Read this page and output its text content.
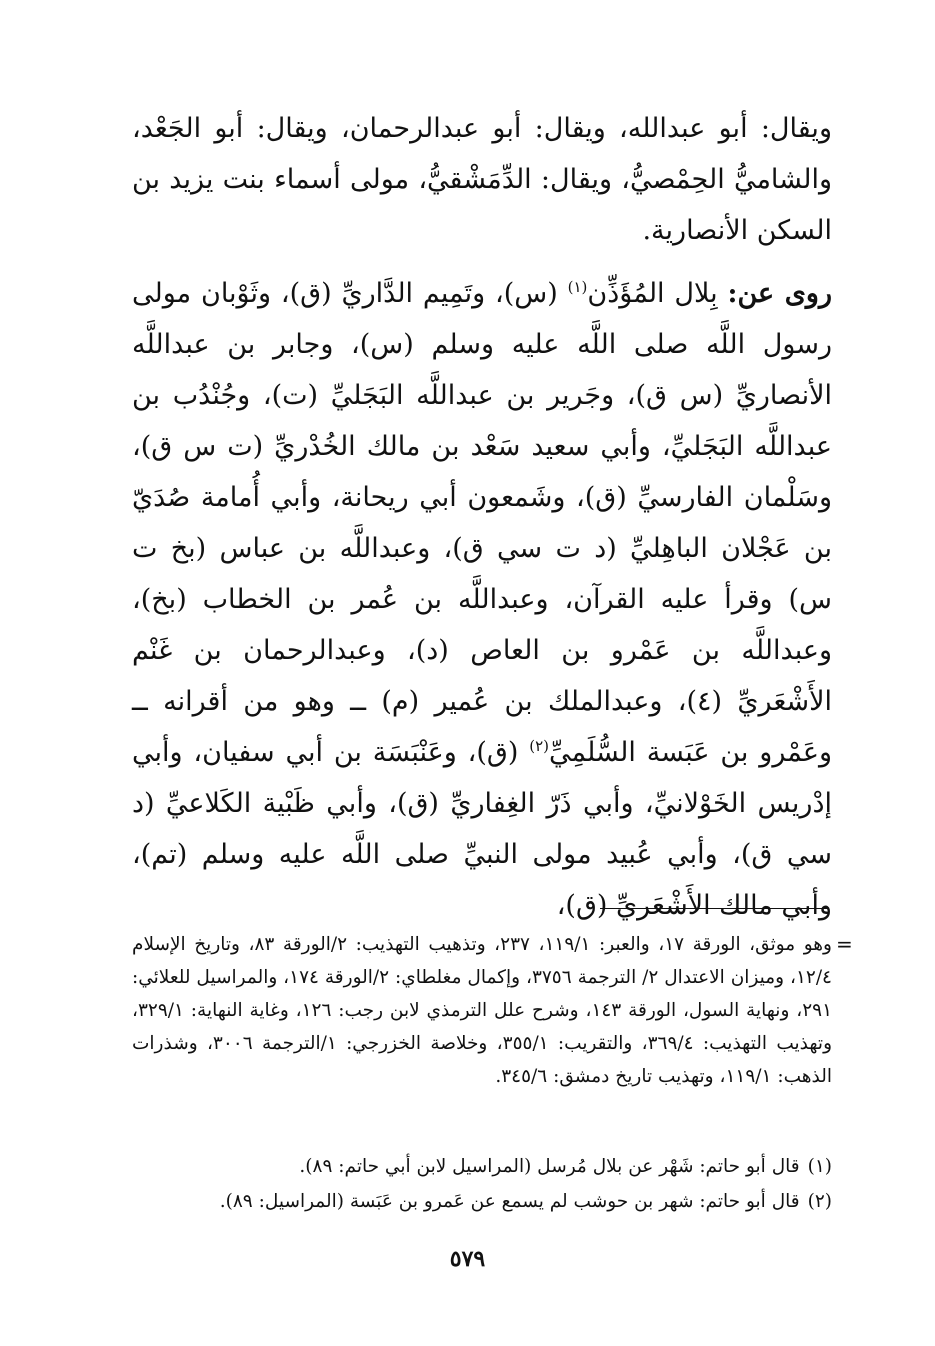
ويقال: أبو عبدالله، ويقال: أبو عبدالرحمان، ويقال: أبو الجَعْد، والشاميُّ الحِمْصيُّ، ويقال: الدِّمَشْقيُّ، مولى أسماء بنت يزيد بن السكن الأنصارية.

روى عن: بِلال المُؤَذِّن$^{(١)}$ (س)، وتَمِيم الدَّاريِّ (ق)، وثَوْبان مولى رسول اللَّه صلى اللَّه عليه وسلم (س)، وجابر بن عبداللَّه الأنصاريِّ (س ق)، وجَرير بن عبداللَّه البَجَليِّ (ت)، وجُنْدُب بن عبداللَّه البَجَليِّ، وأبي سعيد سَعْد بن مالك الخُدْريِّ (ت س ق)، وسَلْمان الفارسيِّ (ق)، وشَمعون أبي ريحانة، وأبي أُمامة صُدَيّ بن عَجْلان الباهِليِّ (د ت سي ق)، وعبداللَّه بن عباس (بخ ت س) وقرأ عليه القرآن، وعبداللَّه بن عُمر بن الخطاب (بخ)، وعبداللَّه بن عَمْرو بن العاص (د)، وعبدالرحمان بن غَنْم الأَشْعَريِّ (٤)، وعبدالملك بن عُمير (م) ــ وهو من أقرانه ــ وعَمْرو بن عَبَسة السُّلَمِيِّ$^{(٢)}$ (ق)، وعَنْبَسَة بن أبي سفيان، وأبي إدْريس الخَوْلانيِّ، وأبي ذَرّ الغِفاريِّ (ق)، وأبي ظَبْية الكَلاعيِّ (د سي ق)، وأبي عُبيد مولى النبيِّ صلى اللَّه عليه وسلم (تم)، وأبي مالك الأَشْعَريِّ (ق)،

=
وهو موثق، الورقة ١٧، والعبر: ١١٩/١، ٢٣٧، وتذهيب التهذيب: ٢/الورقة ٨٣، وتاريخ الإسلام ١٢/٤، وميزان الاعتدال ٢/ الترجمة ٣٧٥٦، وإكمال مغلطاي: ٢/الورقة ١٧٤، والمراسيل للعلائي: ٢٩١، ونهاية السول، الورقة ١٤٣، وشرح علل الترمذي لابن رجب: ١٢٦، وغاية النهاية: ٣٢٩/١، وتهذيب التهذيب: ٣٦٩/٤، والتقريب: ٣٥٥/١، وخلاصة الخزرجي: ١/الترجمة ٣٠٠٦، وشذرات الذهب: ١١٩/١، وتهذيب تاريخ دمشق: ٣٤٥/٦.
(١)قال أبو حاتم: شَهْر عن بلال مُرسل (المراسيل لابن أبي حاتم: ٨٩).
(٢)قال أبو حاتم: شهر بن حوشب لم يسمع عن عَمرو بن عَبَسة (المراسيل: ٨٩).
٥٧٩
